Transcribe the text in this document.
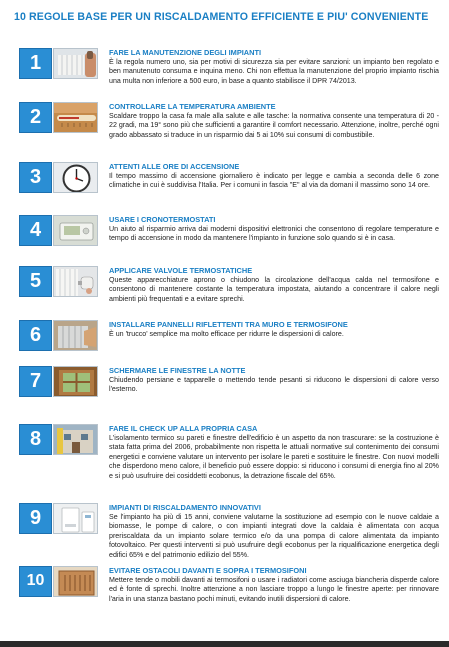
10 REGOLE BASE PER UN RISCALDAMENTO EFFICIENTE E PIU' CONVENIENTE
1	FARE LA MANUTENZIONE DEGLI IMPIANTI

È la regola numero uno, sia per motivi di sicurezza sia per evitare sanzioni: un impianto ben regolato e ben manutenuto consuma e inquina meno. Chi non effettua la manutenzione del proprio impianto rischia una multa non inferiore a 500 euro, in base a quanto stabilisce il DPR 74/2013.

2	CONTROLLARE LA TEMPERATURA AMBIENTE

Scaldare troppo la casa fa male alla salute e alle tasche: la normativa consente una temperatura di 20 - 22 gradi, ma 19° sono più che sufficienti a garantire il comfort necessario. Attenzione, inoltre, perché ogni grado abbassato si traduce in un risparmio dai 5 ai 10% sui consumi di combustibile.

3	ATTENTI ALLE ORE DI ACCENSIONE

Il tempo massimo di accensione giornaliero è indicato per legge e cambia a seconda delle 6 zone climatiche in cui è suddivisa l'Italia. Per i comuni in fascia "E" al via da domani il massimo sono 14 ore.

4	USARE I CRONOTERMOSTATI

Un aiuto al risparmio arriva dai moderni dispositivi elettronici che consentono di regolare temperature e tempo di accensione in modo da mantenere l'impianto in funzione solo quando si è in casa.

5	APPLICARE VALVOLE TERMOSTATICHE

Queste apparecchiature aprono o chiudono la circolazione dell'acqua calda nel termosifone e consentono di mantenere costante la temperatura impostata, aiutando a concentrare il calore negli ambienti più frequentati e a evitare sprechi.

6	INSTALLARE PANNELLI RIFLETTENTI TRA MURO E TERMOSIFONE

È un 'trucco' semplice ma molto efficace per ridurre le dispersioni di calore.

7	SCHERMARE LE FINESTRE LA NOTTE

Chiudendo persiane e tapparelle o mettendo tende pesanti si riducono le dispersioni di calore verso l'esterno.

8	FARE IL CHECK UP ALLA PROPRIA CASA

L'isolamento termico su pareti e finestre dell'edificio è un aspetto da non trascurare: se la costruzione è stata fatta prima del 2006, probabilmente non rispetta le attuali normative sul contenimento dei consumi energetici e conviene valutare un intervento per isolare le pareti e sostituire le finestre. Con nuovi modelli che disperdono meno calore, il beneficio può essere doppio: si riducono i consumi di energia fino al 20% e si può usufruire dei cosiddetti ecobonus, la detrazione fiscale del 65%.

9	IMPIANTI DI RISCALDAMENTO INNOVATIVI

Se l'impianto ha più di 15 anni, conviene valutarne la sostituzione ad esempio con le nuove caldaie a biomasse, le pompe di calore, o con impianti integrati dove la caldaia è alimentata con acqua preriscaldata da un impianto solare termico e/o da una pompa di calore alimentata da impianto fotovoltaico. Per questi interventi si può usufruire degli ecobonus per la riqualificazione energetica degli edifici 65% e del patrimonio edilizio del 55%.

10
EVITARE OSTACOLI DAVANTI E SOPRA I TERMOSIFONI

Mettere tende o mobili davanti ai termosifoni o usare i radiatori come asciuga biancheria disperde calore ed è fonte di sprechi. Inoltre attenzione a non lasciare troppo a lungo le finestre aperte: per rinnovare l'aria in una stanza bastano pochi minuti, evitando inutili dispersioni di calore.
